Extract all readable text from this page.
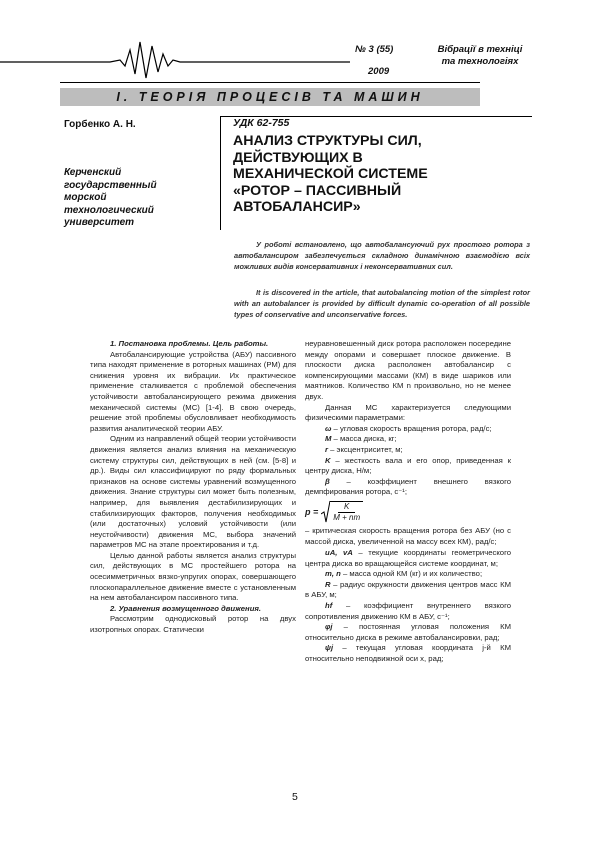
№ 3 (55)
2009
Вібрації в техніці
та технологіях
І. ТЕОРІЯ ПРОЦЕСІВ ТА МАШИН
Горбенко А. Н.
Керченский
государственный
морской
технологический
университет
УДК 62-755
АНАЛИЗ СТРУКТУРЫ СИЛ,
ДЕЙСТВУЮЩИХ В
МЕХАНИЧЕСКОЙ СИСТЕМЕ
«РОТОР – ПАССИВНЫЙ
АВТОБАЛАНСИР»
У роботі встановлено, що автобалансуючий рух простого ротора з автобалансиром забезпечується складною динамічною взаємодією всіх можливих видів консервативних і неконсервативних сил.
It is discovered in the article, that autobalancing motion of the simplest rotor with an autobalancer is provided by difficult dynamic co-operation of all possible types of conservative and unconservative forces.

1. Постановка проблемы. Цель работы.

Автобалансирующие устройства (АБУ) пассивного типа находят применение в роторных машинах (РМ) для снижения уровня их вибрации. Их практическое применение сталкивается с проблемой обеспечения устойчивости автобалансирующего режима движения механической системы (МС) [1-4]. В свою очередь, решение этой проблемы обусловливает необходимость развития аналитической теории АБУ.

Одним из направлений общей теории устойчивости движения является анализ влияния на механическую систему структуры сил, действующих в ней (см. [5-8] и др.). Виды сил классифицируют по ряду формальных признаков на основе системы уравнений возмущенного движения. Знание структуры сил может быть полезным, например, для выявления дестабилизирующих и стабилизирующих факторов, получения необходимых (или достаточных) условий устойчивости (или неустойчивости) движения МС, выбора значений параметров МС на этапе проектирования и т.д.

Целью данной работы является анализ структуры сил, действующих в МС простейшего ротора на осесимметричных вязко-упругих опорах, совершающего плоскопараллельное движение вместе с установленным на нем автобалансиром пассивного типа.

2. Уравнения возмущенного движения.

Рассмотрим однодисковый ротор на двух изотропных опорах. Статически

неуравновешенный диск ротора расположен посередине между опорами и совершает плоское движение. В плоскости диска расположен автобалансир с компенсирующими массами (КМ) в виде шариков или маятников. Количество КМ n произвольно, но не менее двух.

Данная МС характеризуется следующими физическими параметрами:

ω – угловая скорость вращения ротора, рад/с;

M – масса диска, кг;

r – эксцентриситет, м;

K – жесткость вала и его опор, приведенная к центру диска, Н/м;

β – коэффициент внешнего вязкого демпфирования ротора, с⁻¹;

$p = \frac{K}{M + nm}$
– критическая скорость вращения ротора без АБУ (но с массой диска, увеличенной на массу всех КМ), рад/с;

uA, vA – текущие координаты геометрического центра диска во вращающейся системе координат, м;

m, n – масса одной КМ (кг) и их количество;

R – радиус окружности движения центров масс КМ в АБУ, м;

hf – коэффициент внутреннего вязкого сопротивления движению КМ в АБУ, с⁻¹;

φj – постоянная угловая положения КМ относительно диска в режиме автобалансировки, рад;

ψj – текущая угловая координата j-й КМ относительно неподвижной оси x, рад;

5
